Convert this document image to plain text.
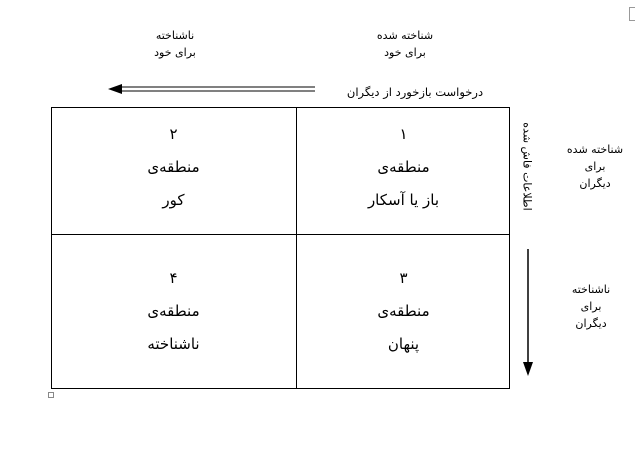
ناشناخته
برای خود
شناخته شده
برای خود
درخواست بازخورد از دیگران
۱
منطقه‌ی
باز یا آسکار
۲
منطقه‌ی
کور
۳
منطقه‌ی
پنهان
۴
منطقه‌ی
ناشناخته
اطلاعات فاش شده	شناخته شده
برای
دیگران
ناشناخته
برای
دیگران
